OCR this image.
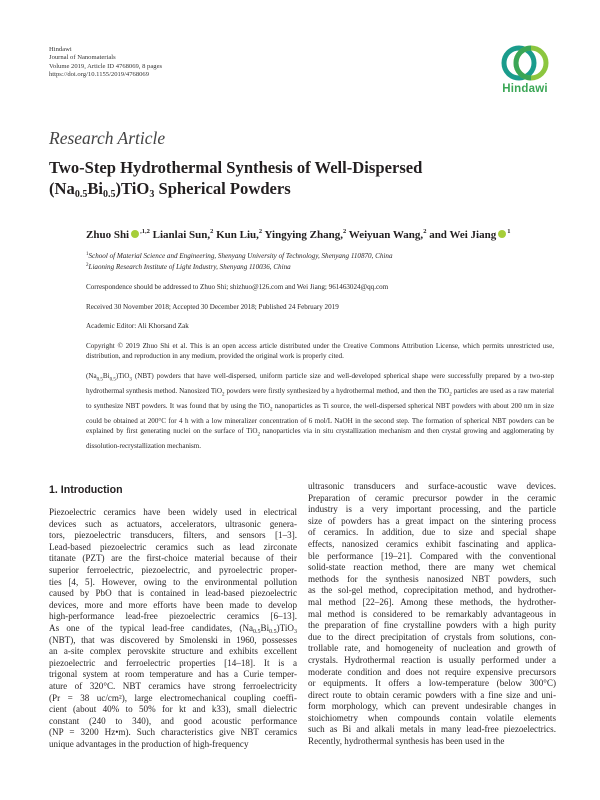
Hindawi
Journal of Nanomaterials
Volume 2019, Article ID 4768069, 8 pages
https://doi.org/10.1155/2019/4768069
Hindawi
Research Article
Two-Step Hydrothermal Synthesis of Well-Dispersed
$(Na_{0.5}Bi_{0.5})TiO_3$ Spherical Powders
Zhuo Shi $^{,1,2}$ Lianlai Sun,$^2$ Kun Liu,$^2$ Yingying Zhang,$^2$ Weiyuan Wang,$^2$ and Wei Jiang $^1$
$^1$School of Material Science and Engineering, Shenyang University of Technology, Shenyang 110870, China
$^2$Liaoning Research Institute of Light Industry, Shenyang 110036, China
Correspondence should be addressed to Zhuo Shi; shizhuo@126.com and Wei Jiang; 961463024@qq.com
Received 30 November 2018; Accepted 30 December 2018; Published 24 February 2019
Academic Editor: Ali Khorsand Zak
Copyright © 2019 Zhuo Shi et al. This is an open access article distributed under the Creative Commons Attribution License, which permits unrestricted use, distribution, and reproduction in any medium, provided the original work is properly cited.
$(Na_{0.5}Bi_{0.5})TiO_3$ (NBT) powders that have well-dispersed, uniform particle size and well-developed spherical shape were successfully prepared by a two-step hydrothermal synthesis method. Nanosized TiO$_2$ powders were firstly synthesized by a hydrothermal method, and then the TiO$_2$ particles are used as a raw material to synthesize NBT powders. It was found that by using the TiO$_2$ nanoparticles as Ti source, the well-dispersed spherical NBT powders with about 200 nm in size could be obtained at 200°C for 4 h with a low mineralizer concentration of 6 mol/L NaOH in the second step. The formation of spherical NBT powders can be explained by first generating nuclei on the surface of TiO$_2$ nanoparticles via in situ crystallization mechanism and then crystal growing and agglomerating by dissolution-recrystallization mechanism.
1. Introduction
Piezoelectric ceramics have been widely used in electrical
devices such as actuators, accelerators, ultrasonic genera-
tors, piezoelectric transducers, filters, and sensors [1–3].
Lead-based piezoelectric ceramics such as lead zirconate
titanate (PZT) are the first-choice material because of their
superior ferroelectric, piezoelectric, and pyroelectric proper-
ties [4, 5]. However, owing to the environmental pollution
caused by PbO that is contained in lead-based piezoelectric
devices, more and more efforts have been made to develop
high-performance lead-free piezoelectric ceramics [6–13].
As one of the typical lead-free candidates, $(Na_{0.5}Bi_{0.5})TiO_3$
(NBT), that was discovered by Smolenski in 1960, possesses
an a-site complex perovskite structure and exhibits excellent
piezoelectric and ferroelectric properties [14–18]. It is a
trigonal system at room temperature and has a Curie temper-
ature of 320°C. NBT ceramics have strong ferroelectricity
(Pr = 38 uc/cm²), large electromechanical coupling coeffi-
cient (about 40% to 50% for kt and k33), small dielectric
constant (240 to 340), and good acoustic performance
(NP = 3200 Hz•m). Such characteristics give NBT ceramics
unique advantages in the production of high-frequency
ultrasonic transducers and surface-acoustic wave devices.
Preparation of ceramic precursor powder in the ceramic
industry is a very important processing, and the particle
size of powders has a great impact on the sintering process
of ceramics. In addition, due to size and special shape
effects, nanosized ceramics exhibit fascinating and applica-
ble performance [19–21]. Compared with the conventional
solid-state reaction method, there are many wet chemical
methods for the synthesis nanosized NBT powders, such
as the sol-gel method, coprecipitation method, and hydrother-
mal method [22–26]. Among these methods, the hydrother-
mal method is considered to be remarkably advantageous in
the preparation of fine crystalline powders with a high purity
due to the direct precipitation of crystals from solutions, con-
trollable rate, and homogeneity of nucleation and growth of
crystals. Hydrothermal reaction is usually performed under a
moderate condition and does not require expensive precursors
or equipments. It offers a low-temperature (below 300°C)
direct route to obtain ceramic powders with a fine size and uni-
form morphology, which can prevent undesirable changes in
stoichiometry when compounds contain volatile elements
such as Bi and alkali metals in many lead-free piezoelectrics.
Recently, hydrothermal synthesis has been used in the
